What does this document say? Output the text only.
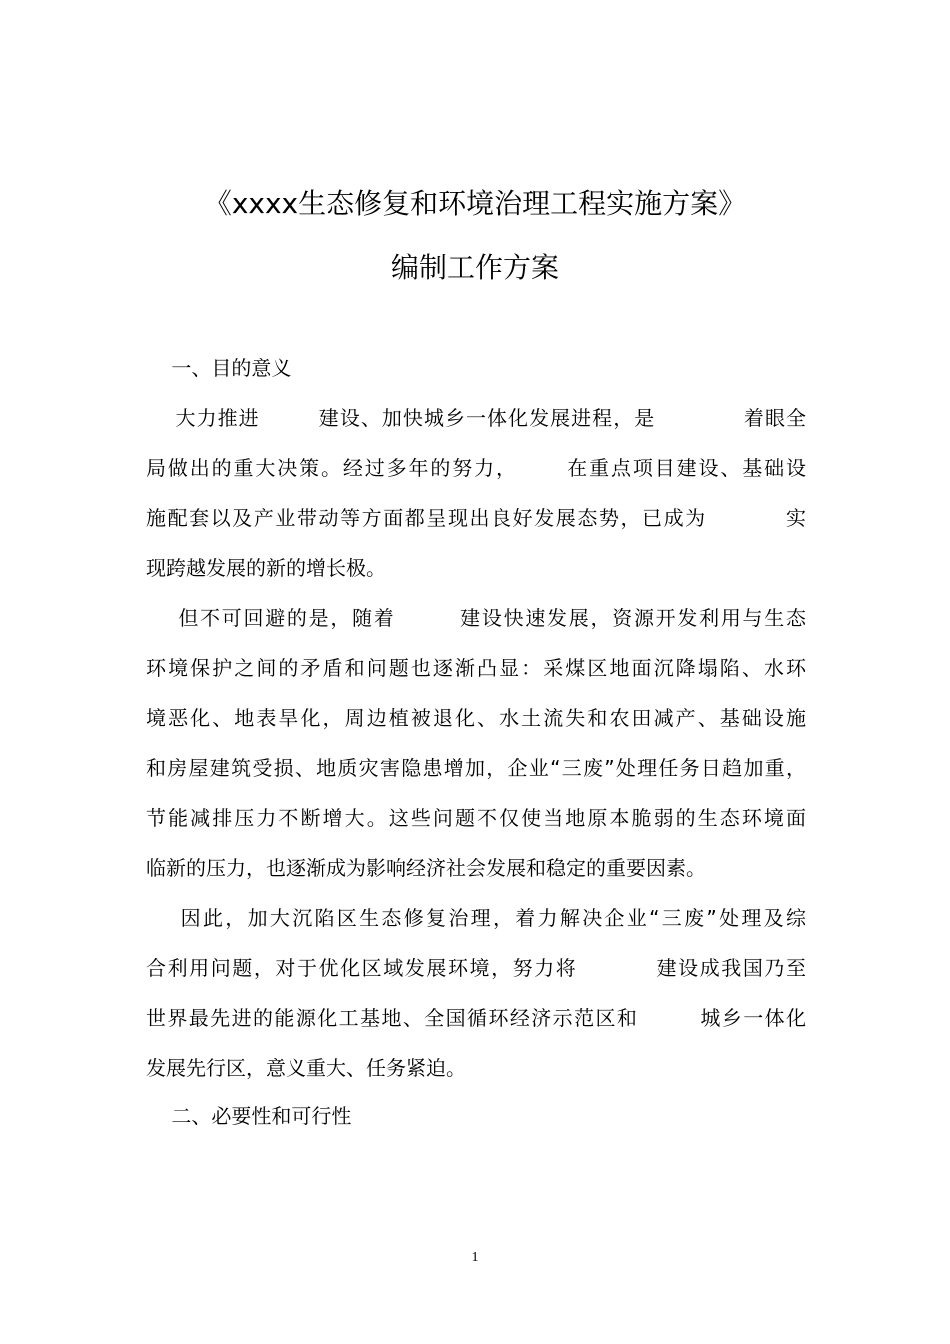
《xxxx生态修复和环境治理工程实施方案》
编制工作方案
一、目的意义
大力推进        建设、加快城乡一体化发展进程，是            着眼全
局做出的重大决策。经过多年的努力，      在重点项目建设、基础设
施配套以及产业带动等方面都呈现出良好发展态势，已成为          实
现跨越发展的新的增长极。
但不可回避的是，随着        建设快速发展，资源开发利用与生态
环境保护之间的矛盾和问题也逐渐凸显：采煤区地面沉降塌陷、水环
境恶化、地表旱化，周边植被退化、水土流失和农田减产、基础设施
和房屋建筑受损、地质灾害隐患增加，企业“三废”处理任务日趋加重，
节能减排压力不断增大。这些问题不仅使当地原本脆弱的生态环境面
临新的压力，也逐渐成为影响经济社会发展和稳定的重要因素。
因此，加大沉陷区生态修复治理，着力解决企业“三废”处理及综
合利用问题，对于优化区域发展环境，努力将          建设成我国乃至
世界最先进的能源化工基地、全国循环经济示范区和        城乡一体化
发展先行区，意义重大、任务紧迫。
二、必要性和可行性
1
